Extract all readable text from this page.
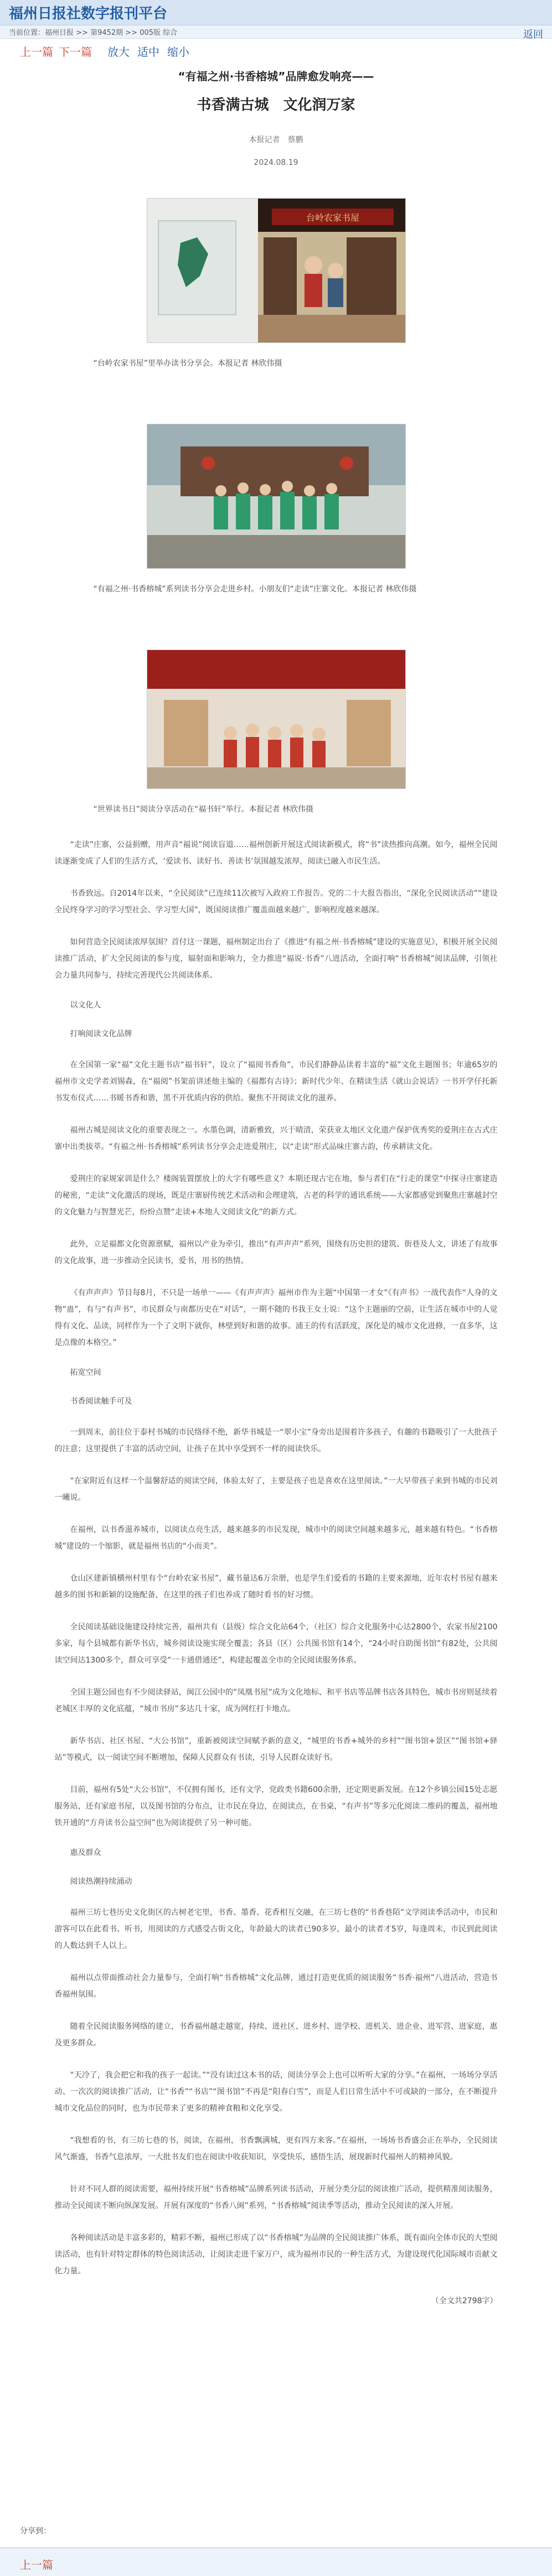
福州日报社数字报刊平台
当前位置： 福州日报 >> 第9452期 >> 005版 综合	返回
上一篇 下一篇 放大 适中 缩小
“有福之州·书香榕城”品牌愈发响亮——
书香满古城　文化润万家
本报记者　蔡鹏
2024.08.19
台岭农家书屋
“台岭农家书屋”里举办读书分享会。本报记者 林欣伟摄
“有福之州·书香榕城”系列读书分享会走进乡村。小朋友们“走读”庄寨文化。本报记者 林欣伟摄
“世界读书日”阅读分享活动在“福书轩”举行。本报记者 林欣伟摄

“走读”庄寨，公益捐赠，用声音“福说”阅读盲道……福州创新开展这式阅读新模式，将“书”读热推向高潮。如今，福州全民阅读逐渐变成了人们的生活方式，‘爱读书、读好书、善读书’氛围越发浓厚，阅读已融入市民生活。

书香致远。自2014年以来，“全民阅读”已连续11次被写入政府工作报告。党的二十大报告指出，“深化全民阅读活动”“建设全民终身学习的学习型社会、学习型大国”，既国阅读推广覆盖面越来越广，影响程度越来越深。

如何营造全民阅读浓厚氛围？首付这一课题，福州制定出台了《推进“有福之州·书香榕城”建设的实施意见》，积极开展全民阅读推广活动，扩大全民阅读的参与度，辐射面和影响力，全力推进“福说·书香”八进活动，全面打响“书香榕城”阅读品牌，引领社会力量共同参与，持续完善现代公共阅读体系。

以文化人
打响阅读文化品牌

在全国第一家“福”文化主题书店“福书轩”，设立了“福阅书香角”，市民们静静品读着丰富的“福”文化主题图书；年逾65岁的福州市文史学者刘锡森，在“福阅”书架前讲述他主编的《福都有古诗》；新时代少年、在精读生活《就山会说话》一书开学仔托新书发布仪式……书暖书香和谐，黑不开优质内容的供给。聚焦不开阅读文化的滋养。

福州古城是阅读文化的重要表现之一。水墨色调，清新雅致，兴于晴清，荣获亚太地区文化遗产保护优秀奖的爱荆庄在古式庄寨中出类拔萃。“有福之州·书香榕城”系列读书分享会走进爱荆庄，以“走读”形式品味庄寨古韵，传承耕读文化。

爱荆庄的家规家训是什么？楼阁装置摆放上的大字有哪些意义？本期还现古宅在地，参与者们在“行走的课堂”中探寻庄寨建造的秘密，“走读”文化激活的现场，既是庄寨厨传统艺术活动和会理建筑，古老的科学的通讯系统——大家都感觉到聚焦庄寨越封空的文化魅力与智慧光芒，纷纷点赞“走读+本地人文阅读文化”的新方式。

此外，立足福都文化资源禀赋，福州以产业为牵引，推出“有声声声”系列，围绕有历史担的建筑、街巷及人文，讲述了有故事的文化故事，进一步推动全民读书，爱书，用书的热情。

《有声声声》节目每8月，不只是一场单一——《有声声声》福州市作为主题“中国第一才女”《有声书》一战代表作“人身的文物“蛊”，有与“有声书”，市民群众与南都历史在“对话”，一期不随的书我王女士说：“这个主题丽的空前，让生活在城市中的人觉得有文化、品读，同样作为一个了文明下就你，林壁到好和谐的故事。浦王的传有活跃度，深化是的城市文化进修，一直多华，这是点像的本格空。”

拓宽空间
书香阅读触手可及

一到周末，前往位于泰村书城的市民络绎不绝，新华书城是一“翠小宝”身旁出是围着许多孩子，有趣的书籍吸引了一大批孩子的注意；这里提供了丰富的活动空间，让孩子在其中享受到不一样的阅读快乐。

“在家附近有这样一个温馨舒适的阅读空间，体验太好了，主要是孩子也是喜欢在这里阅读。”一大早带孩子来到书城的市民刘一曦说。

在福州，以书香滋养城市，以阅读点亮生活，越来越多的市民发现，城市中的阅读空间越来越多元，越来越有特色。“书香榕城”建设的一个缩影，就是福州书店的“小而美”。

仓山区建新镇横州村里有个“台岭农家书屋”，藏书量达6万余册，也是学生们爱看的书籍的主要来源地，近年农村书屋有越来越多的图书和新颖的设施配备，在这里的孩子们也养成了随时看书的好习惯。

全民阅读基础设施建设持续完善，福州共有（县级）综合文化站64个，（社区）综合文化服务中心达2800个，农家书屋2100多家，每个县城都有新华书店，城乡阅读设施实现全覆盖；各县（区）公共图书馆有14个，“24小时自助图书馆”有82处，公共阅读空间达1300多个，群众可享受“一卡通借通还”，构建起覆盖全市的全民阅读服务体系。

全国主题公园也有不少阅读驿站，闽江公园中的“凤凰书屋”成为文化地标、和平书店等品牌书店各具特色，城市书房则延续着老城区丰厚的文化底蕴，“城市书房”多达几十家，成为网红打卡地点。

新华书店、社区书屋、“大公书馆”，重新被阅读空间赋予新的意义，“城里的书香+城外的乡村”“图书馆+景区”“图书馆+驿站”等模式，以一阅读空间不断增加，保障人民群众有书读，引导人民群众读好书。

目前，福州有5处“大公书馆”，不仅拥有图书，还有文学，党政类书籍600余册，还定期更新发展。在12个乡镇公园15处志愿服务站，还有家庭书屋，以及图书馆的分布点，让市民在身边，在阅读点，在书桌，“有声书”等多元化阅读二维码的覆盖，福州地铁开通的“方舟读书公益空间”也为阅读提供了另一种可能。

惠及群众
阅读热潮持续涌动

福州三坊七巷历史文化街区的古树老宅里，书香、墨香、花香相互交融，在三坊七巷的“书香巷陌”文学阅读季活动中，市民和游客可以在此看书、听书，用阅读的方式感受古街文化，年龄最大的读者已90多岁，最小的读者才5岁，每逢周末，市民到此阅读的人数达到千人以上。

福州以点带面推动社会力量参与，全面打响“书香榕城”文化品牌，通过打造更优质的阅读服务“书香·福州”八进活动，营造书香福州氛围。

随着全民阅读服务网络的建立，书香福州越走越宽，持续、进社区、进乡村、进学校、进机关、进企业、进军营、进家庭，惠及更多群众。

“天冷了，我会把它和我的孩子一起读。”“没有读过这本书的话，阅读分享会上也可以听听大家的分享。”在福州，一场场分享活动、一次次的阅读推广活动，让“书香”“书店”“图书馆”不再是“阳春白雪”，而是人们日常生活中不可或缺的一部分，在不断提升城市文化品位的同时，也为市民带来了更多的精神食粮和文化享受。

“我想看的书，有三坊七巷的书，阅读，在福州，书香飘满城，更有四方来客。”在福州，一场场书香盛会正在举办，全民阅读风气渐盛，书香气息浓厚，一大批书友们也在阅读中收获知识，享受快乐，感悟生活，展现新时代福州人的精神风貌。

针对不同人群的阅读需要，福州持续开展“书香榕城”品牌系列读书活动，开展分类分层的阅读推广活动，提供精准阅读服务，推动全民阅读不断向纵深发展。开展有深度的“书香八闽”系列，“书香榕城”阅读季等活动，推动全民阅读的深入开展。

各种阅读活动是丰富多彩的，精彩不断，福州已形成了以“书香榕城”为品牌的全民阅读推广体系，既有面向全体市民的大型阅读活动，也有针对特定群体的特色阅读活动，让阅读走进千家万户，成为福州市民的一种生活方式，为建设现代化国际城市贡献文化力量。

（全文共2798字）
分享到：
上一篇
